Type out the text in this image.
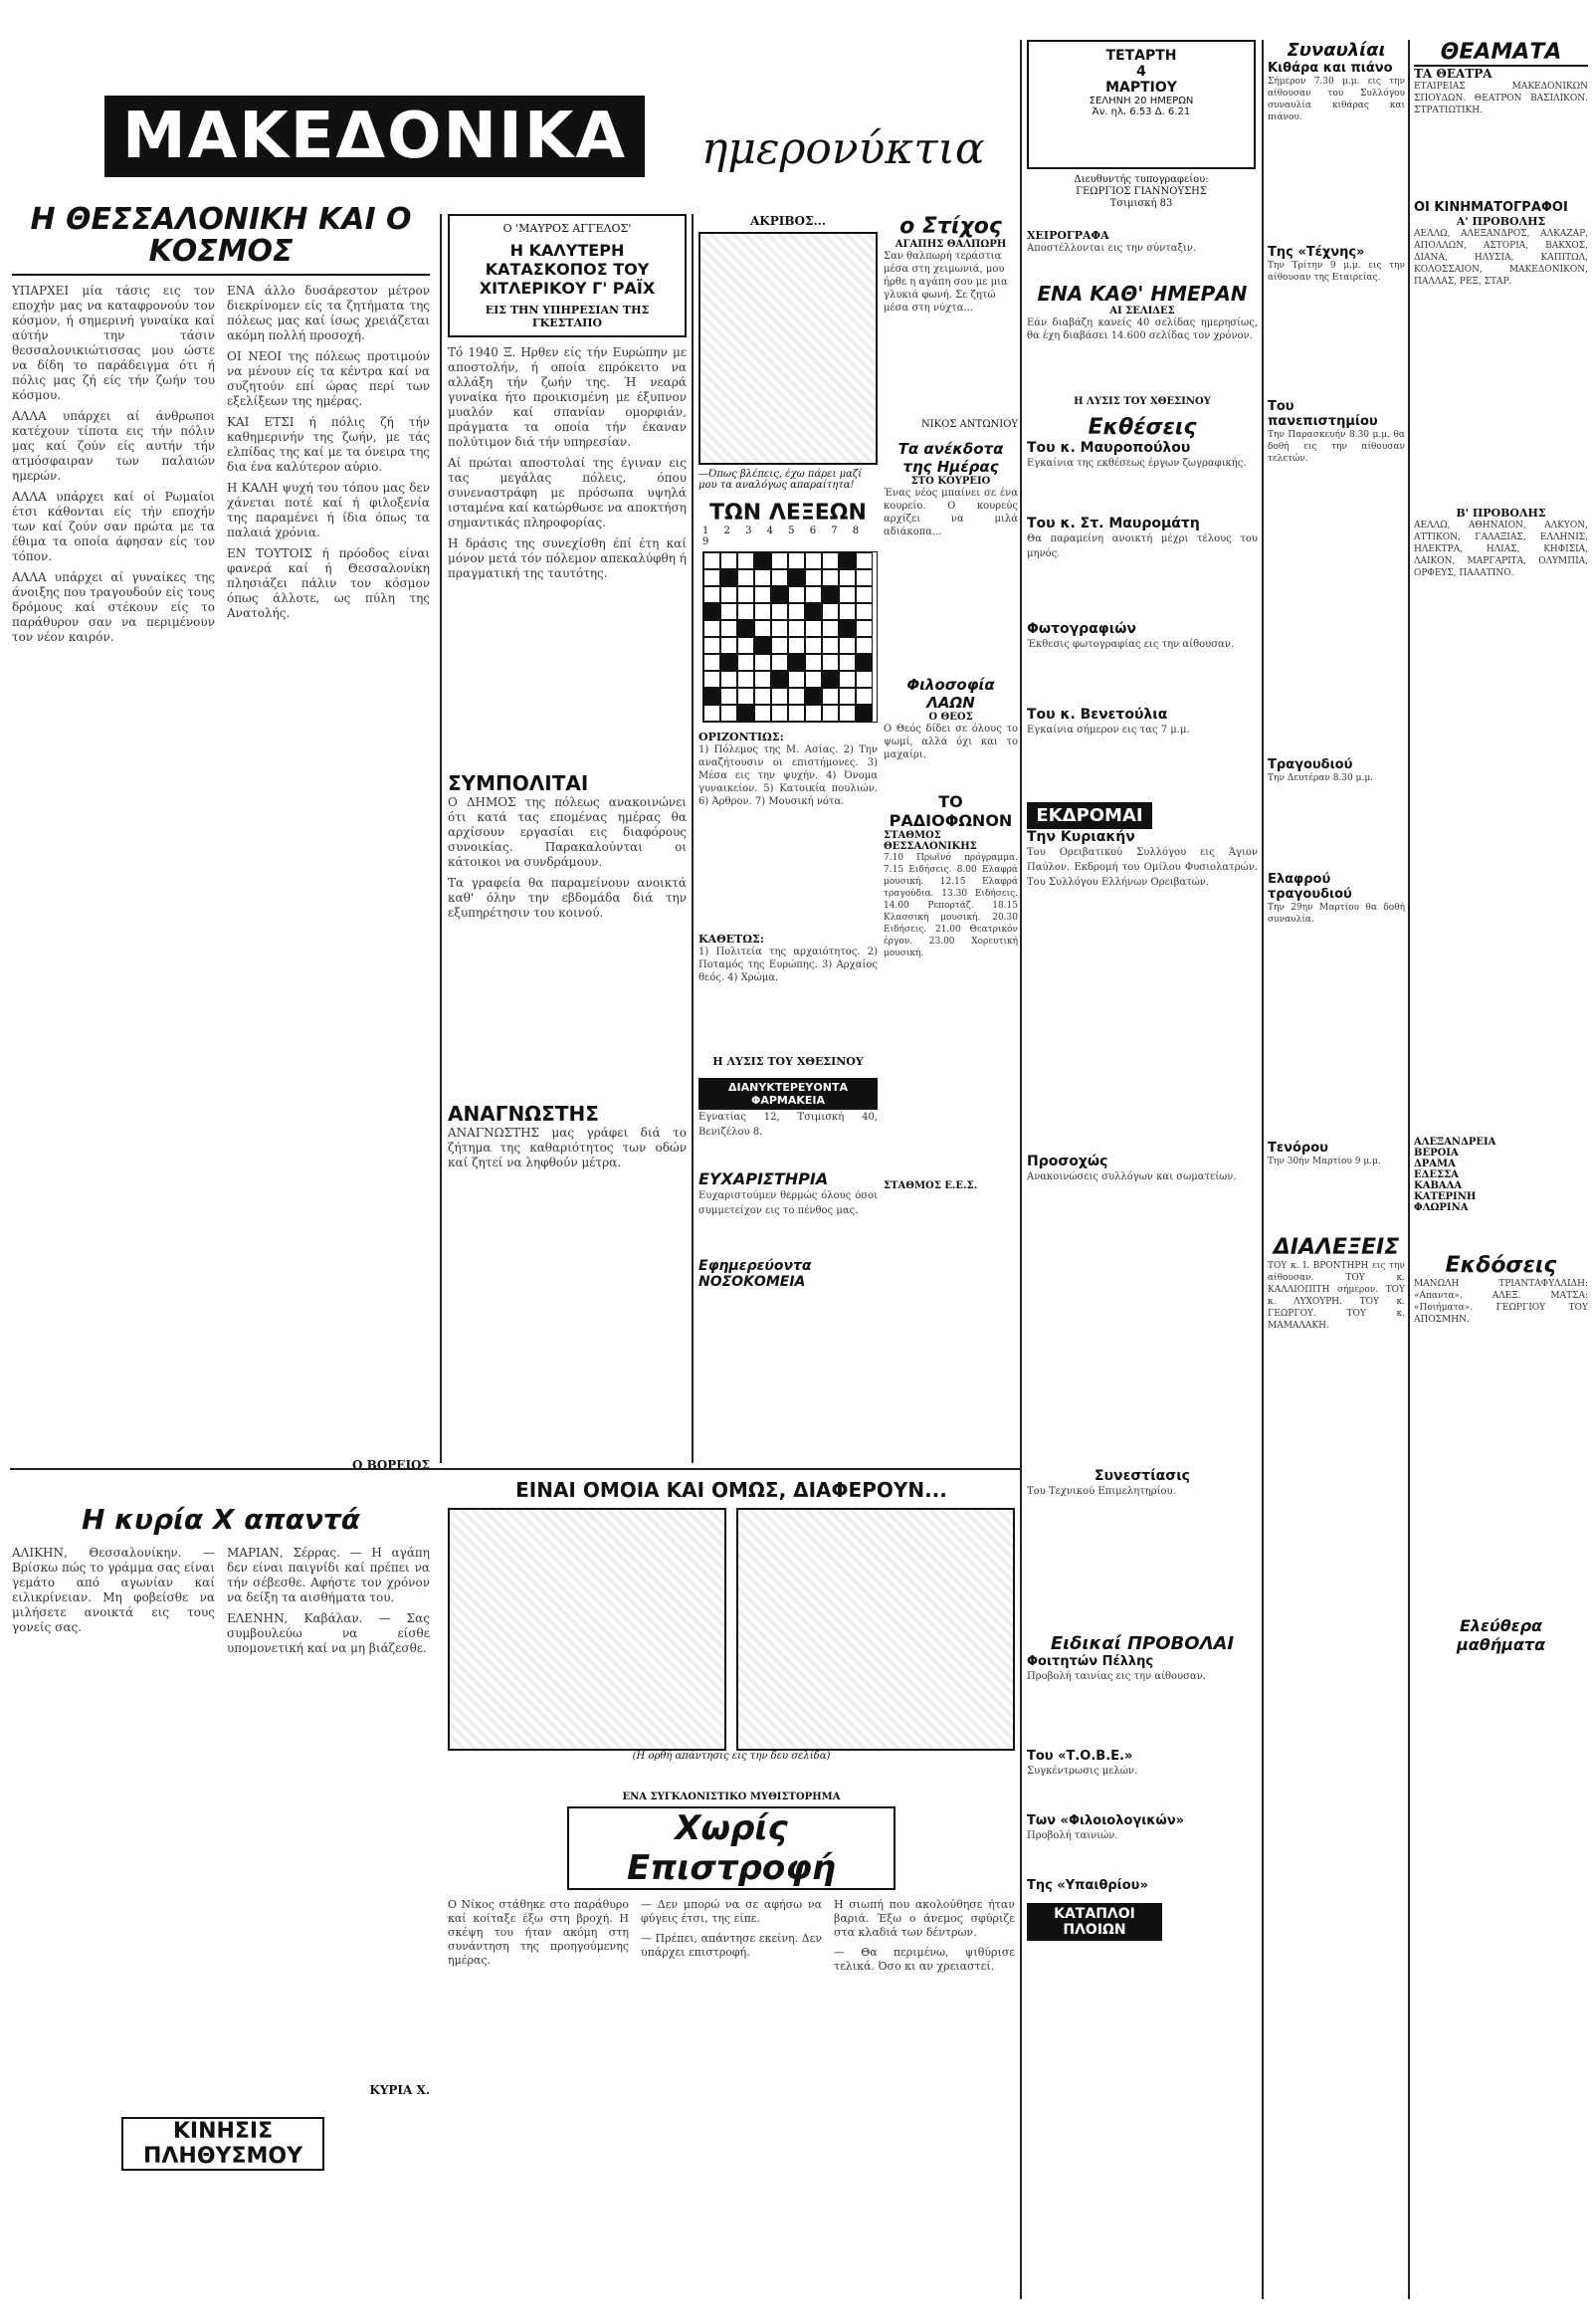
ΜΑΚΕΔΟΝΙΚΑ	ημερονύκτια
ΤΕΤΑΡΤΗ
4
ΜΑΡΤΙΟΥ
ΣΕΛΗΝΗ 20 ΗΜΕΡΩΝ
Άν. ηλ. 6.53 Δ. 6.21
Διευθυντής τυπογραφείου:
ΓΕΩΡΓΙΟΣ ΓΙΑΝΝΟΥΣΗΣ
Τσιμισκή 83
Η ΘΕΣΣΑΛΟΝΙΚΗ ΚΑΙ Ο ΚΟΣΜΟΣ

ΥΠΑΡΧΕΙ μία τάσις εις τον εποχήν μας να καταφρονούν τον κόσμον, ή σημερινή γυναίκα καί αύτήν την τάσιν θεσσαλονικιώτισσας μου ώστε να δίδη το παράδειγμα ότι ή πόλις μας ζή είς τήν ζωήν του κόσμου.

ΑΛΛΑ υπάρχει αί άνθρωποι κατέχουν τίποτα εις τήν πόλιν μας καί ζούν είς αυτήν τήν ατμόσφαιραν των παλαιών ημερών.

ΑΛΛΑ υπάρχει καί οί Ρωμαίοι έτσι κάθονται είς τήν εποχήν των καί ζούν σαν πρώτα με τα έθιμα τα οποία άφησαν είς τον τόπον.

ΑΛΛΑ υπάρχει αί γυναίκες της άνοιξης που τραγουδούν είς τους δρόμους καί στέκουν είς το παράθυρον σαν να περιμένουν τον νέον καιρόν.

ΕΝΑ άλλο δυσάρεστον μέτρον διεκρίνομεν είς τα ζητήματα της πόλεως μας καί ίσως χρειάζεται ακόμη πολλή προσοχή.

ΟΙ ΝΕΟΙ της πόλεως προτιμούν να μένουν είς τα κέντρα καί να συζητούν επί ώρας περί των εξελίξεων της ημέρας.

ΚΑΙ ΕΤΣΙ ή πόλις ζή τήν καθημερινήν της ζωήν, με τάς ελπίδας της καί με τα όνειρα της δια ένα καλύτερον αύριο.

Η ΚΑΛΗ ψυχή του τόπου μας δεν χάνεται ποτέ καί ή φιλοξενία της παραμένει ή ίδια όπως τα παλαιά χρόνια.

ΕΝ ΤΟΥΤΟΙΣ ή πρόοδος είναι φανερά καί ή Θεσσαλονίκη πλησιάζει πάλιν τον κόσμον όπως άλλοτε, ως πύλη της Ανατολής.

Ο ΒΟΡΕΙΟΣ
Ο 'ΜΑΥΡΟΣ ΑΓΓΕΛΟΣ'
Η ΚΑΛΥΤΕΡΗ ΚΑΤΑΣΚΟΠΟΣ ΤΟΥ ΧΙΤΛΕΡΙΚΟΥ Γ' ΡΑΪΧ
ΕΙΣ ΤΗΝ ΥΠΗΡΕΣΙΑΝ ΤΗΣ ΓΚΕΣΤΑΠΟ

Τό 1940 Ξ. Ηρθεν είς τήν Ευρώπην με αποστολήν, ή οποία επρόκειτο να αλλάξη τήν ζωήν της. Ή νεαρά γυναίκα ήτο προικισμένη με έξυπνον μυαλόν καί σπανίαν ομορφιάν, πράγματα τα οποία τήν έκαναν πολύτιμον διά τήν υπηρεσίαν.

Αί πρώται αποστολαί της έγιναν εις τας μεγάλας πόλεις, όπου συνεναστράφη με πρόσωπα υψηλά ισταμένα καί κατώρθωσε να αποκτήση σημαντικάς πληροφορίας.

Η δράσις της συνεχίσθη έπί έτη καί μόνον μετά τόν πόλεμον απεκαλύφθη ή πραγματική της ταυτότης.

ΣΥΜΠΟΛΙΤΑΙ

Ο ΔΗΜΟΣ της πόλεως ανακοινώνει ότι κατά τας επομένας ημέρας θα αρχίσουν εργασίαι εις διαφόρους συνοικίας. Παρακαλούνται οι κάτοικοι να συνδράμουν.

Τα γραφεία θα παραμείνουν ανοικτά καθ' όλην την εβδομάδα διά την εξυπηρέτησιν του κοινού.

ΑΝΑΓΝΩΣΤΗΣ

ΑΝΑΓΝΩΣΤΗΣ μας γράφει διά το ζήτημα της καθαριότητος των οδών καί ζητεί να ληφθούν μέτρα.

ΑΚΡΙΒΟΣ...
—Όπως βλέπεις, έχω πάρει μαζί μου τα αναλόγως απαραίτητα!
ΤΩΝ ΛΕΞΕΩΝ
1 2 3 4 5 6 7 8 9
ΟΡΙΖΟΝΤΙΩΣ:
1) Πόλεμος της Μ. Ασίας. 2) Την αναζήτουσιν οι επιστήμονες. 3) Μέσα εις την ψυχήν. 4) Όνομα γυναικείον. 5) Κατοικία πουλιών. 6) Άρθρον. 7) Μουσική νότα.
ΚΑΘΕΤΩΣ:
1) Πολιτεία της αρχαιότητος. 2) Ποταμός της Ευρώπης. 3) Αρχαίος θεός. 4) Χρώμα.
Η ΛΥΣΙΣ ΤΟΥ ΧΘΕΣΙΝΟΥ
ΔΙΑΝΥΚΤΕΡΕΥΟΝΤΑ ΦΑΡΜΑΚΕΙΑ
Εγνατίας 12, Τσιμισκή 40, Βενιζέλου 8.
ΕΥΧΑΡΙΣΤΗΡΙΑ
Ευχαριστούμεν θερμώς όλους όσοι συμμετείχον εις το πένθος μας.
Εφημερεύοντα ΝΟΣΟΚΟΜΕΙΑ
ο Στίχος
ΑΓΑΠΗΣ ΘΑΛΠΩΡΗ
Σαν θαλπωρή τεράστια μέσα στη χειμωνιά, μου ήρθε η αγάπη σου με μια γλυκιά φωνή. Σε ζητώ μέσα στη νύχτα...
ΝΙΚΟΣ ΑΝΤΩΝΙΟΥ
Τα ανέκδοτα της Ημέρας
ΣΤΟ ΚΟΥΡΕΙΟ
Ένας νέος μπαίνει σε ένα κουρείο. Ο κουρεύς αρχίζει να μιλά αδιάκοπα...
Φιλοσοφία ΛΑΩΝ
Ο ΘΕΟΣ
Ο Θεός δίδει σε όλους το ψωμί, αλλά όχι και το μαχαίρι.
ΤΟ ΡΑΔΙΟΦΩΝΟΝ
ΣΤΑΘΜΟΣ ΘΕΣΣΑΛΟΝΙΚΗΣ
7.10 Πρωϊνό πρόγραμμα. 7.15 Ειδήσεις. 8.00 Ελαφρά μουσική. 12.15 Ελαφρά τραγούδια. 13.30 Ειδήσεις. 14.00 Ρεπορτάζ. 18.15 Κλασσική μουσική. 20.30 Ειδήσεις. 21.00 Θεατρικόν έργον. 23.00 Χορευτική μουσική.
ΣΤΑΘΜΟΣ Ε.Ε.Σ.
ΕΙΝΑΙ ΟΜΟΙΑ ΚΑΙ ΟΜΩΣ, ΔΙΑΦΕΡΟΥΝ...
(Η ορθή απάντησις εις την δευ σελίδα)
Η κυρία Χ απαντά

ΑΛΙΚΗΝ, Θεσσαλονίκην. — Βρίσκω πώς το γράμμα σας είναι γεμάτο από αγωνίαν καί ειλικρίνειαν. Μη φοβείσθε να μιλήσετε ανοικτά εις τους γονείς σας.

ΜΑΡΙΑΝ, Σέρρας. — Η αγάπη δεν είναι παιγνίδι καί πρέπει να τήν σέβεσθε. Αφήστε τον χρόνον να δείξη τα αισθήματα του.

ΕΛΕΝΗΝ, Καβάλαν. — Σας συμβουλεύω να είσθε υπομονετική καί να μη βιάζεσθε.

ΚΥΡΙΑ Χ.
ΚΙΝΗΣΙΣ ΠΛΗΘΥΣΜΟΥ
ΕΝΑ ΣΥΓΚΛΟΝΙΣΤΙΚΟ ΜΥΘΙΣΤΟΡΗΜΑ
Χωρίς Επιστροφή

Ο Νίκος στάθηκε στο παράθυρο καί κοίταξε έξω στη βροχή. Η σκέψη του ήταν ακόμη στη συνάντηση της προηγούμενης ημέρας.

— Δεν μπορώ να σε αφήσω να φύγεις έτσι, της είπε.

— Πρέπει, απάντησε εκείνη. Δεν υπάρχει επιστροφή.

Η σιωπή που ακολούθησε ήταν βαριά. Έξω ο άνεμος σφύριζε στα κλαδιά των δέντρων.

— Θα περιμένω, ψιθύρισε τελικά. Όσο κι αν χρειαστεί.

ΧΕΙΡΟΓΡΑΦΑ
Αποστέλλονται εις την σύνταξιν.
ΕΝΑ ΚΑΘ' ΗΜΕΡΑΝ
ΑΙ ΣΕΛΙΔΕΣ
Εάν διαβάζη κανείς 40 σελίδας ημερησίως, θα έχη διαβάσει 14.600 σελίδας τον χρόνον.
Η ΛΥΣΙΣ ΤΟΥ ΧΘΕΣΙΝΟΥ
Εκθέσεις
Του κ. Μαυροπούλου
Εγκαίνια της εκθέσεως έργων ζωγραφικής.
Του κ. Στ. Μαυρομάτη
Θα παραμείνη ανοικτή μέχρι τέλους του μηνός.
Φωτογραφιών
Έκθεσις φωτογραφίας εις την αίθουσαν.
Του κ. Βενετούλια
Εγκαίνια σήμερον εις τας 7 μ.μ.
ΕΚΔΡΟΜΑΙ
Την Κυριακήν
Του Ορειβατικού Συλλόγου εις Άγιον Παύλον. Εκδρομή του Ομίλου Φυσιολατρών. Του Συλλόγου Ελλήνων Ορειβατών.
Προσοχώς
Ανακοινώσεις συλλόγων και σωματείων.
Συνεστίασις
Του Τεχνικού Επιμελητηρίου.
Ειδικαί ΠΡΟΒΟΛΑΙ
Φοιτητών Πέλλης
Προβολή ταινίας εις την αίθουσαν.
Του «Τ.Ο.Β.Ε.»
Συγκέντρωσις μελών.
Των «Φιλοιολογικών»
Προβολή ταινιών.
Της «Υπαιθρίου»
ΚΑΤΑΠΛΟΙ ΠΛΟΙΩΝ
Συναυλίαι
Κιθάρα και πιάνο
Σήμερον 7.30 μ.μ. εις την αίθουσαν του Συλλόγου συναυλία κιθάρας και πιάνου.
Της «Τέχνης»
Την Τρίτην 9 μ.μ. εις την αίθουσαν της Εταιρείας.
Του πανεπιστημίου
Την Παρασκευήν 8.30 μ.μ. θα δοθή εις την αίθουσαν τελετών.
Τραγουδιού
Την Δευτέραν 8.30 μ.μ.
Ελαφρού τραγουδιού
Την 29ην Μαρτίου θα δοθή συναυλία.
Τενόρου
Την 30ήν Μαρτίου 9 μ.μ.
ΔΙΑΛΕΞΕΙΣ
ΤΟΥ κ. Ι. ΒΡΟΝΤΗΡΗ εις την αίθουσαν. ΤΟΥ κ. ΚΑΛΛΙΟΠΙΤΗ σήμερον. ΤΟΥ κ. ΛΥΧΟΥΡΗ. ΤΟΥ κ. ΓΕΩΡΓΟΥ. ΤΟΥ κ. ΜΑΜΑΛΑΚΗ.
ΘΕΑΜΑΤΑ
ΤΑ ΘΕΑΤΡΑ
ΕΤΑΙΡΕΙΑΣ ΜΑΚΕΔΟΝΙΚΩΝ ΣΠΟΥΔΩΝ. ΘΕΑΤΡΟΝ ΒΑΣΙΛΙΚΟΝ. ΣΤΡΑΤΙΩΤΙΚΗ.
ΟΙ ΚΙΝΗΜΑΤΟΓΡΑΦΟΙ
Α' ΠΡΟΒΟΛΗΣ
ΑΕΛΛΩ, ΑΛΕΞΑΝΔΡΟΣ, ΑΛΚΑΖΑΡ, ΑΠΟΛΛΩΝ, ΑΣΤΟΡΙΑ, ΒΑΚΧΟΣ, ΔΙΑΝΑ, ΗΛΥΣΙΑ, ΚΑΠΙΤΩΛ, ΚΟΛΟΣΣΑΙΟΝ, ΜΑΚΕΔΟΝΙΚΟΝ, ΠΑΛΛΑΣ, ΡΕΞ, ΣΤΑΡ.
Β' ΠΡΟΒΟΛΗΣ
ΑΕΛΛΩ, ΑΘΗΝΑΙΟΝ, ΑΛΚΥΟΝ, ΑΤΤΙΚΟΝ, ΓΑΛΑΞΙΑΣ, ΕΛΛΗΝΙΣ, ΗΛΕΚΤΡΑ, ΗΛΙΑΣ, ΚΗΦΙΣΙΑ, ΛΑΙΚΟΝ, ΜΑΡΓΑΡΙΤΑ, ΟΛΥΜΠΙΑ, ΟΡΦΕΥΣ, ΠΑΛΑΤΙΝΟ.
ΑΛΕΞΑΝΔΡΕΙΑ
ΒΕΡΟΙΑ
ΔΡΑΜΑ
ΕΔΕΣΣΑ
ΚΑΒΑΛΑ
ΚΑΤΕΡΙΝΗ
ΦΛΩΡΙΝΑ
Εκδόσεις
ΜΑΝΩΛΗ ΤΡΙΑΝΤΑΦΥΛΛΙΔΗ: «Απαντα». ΑΛΕΞ. ΜΑΤΣΑ: «Ποιήματα». ΓΕΩΡΓΙΟΥ ΤΟΥ ΑΠΟΣΜΗΝ.
Ελεύθερα μαθήματα
